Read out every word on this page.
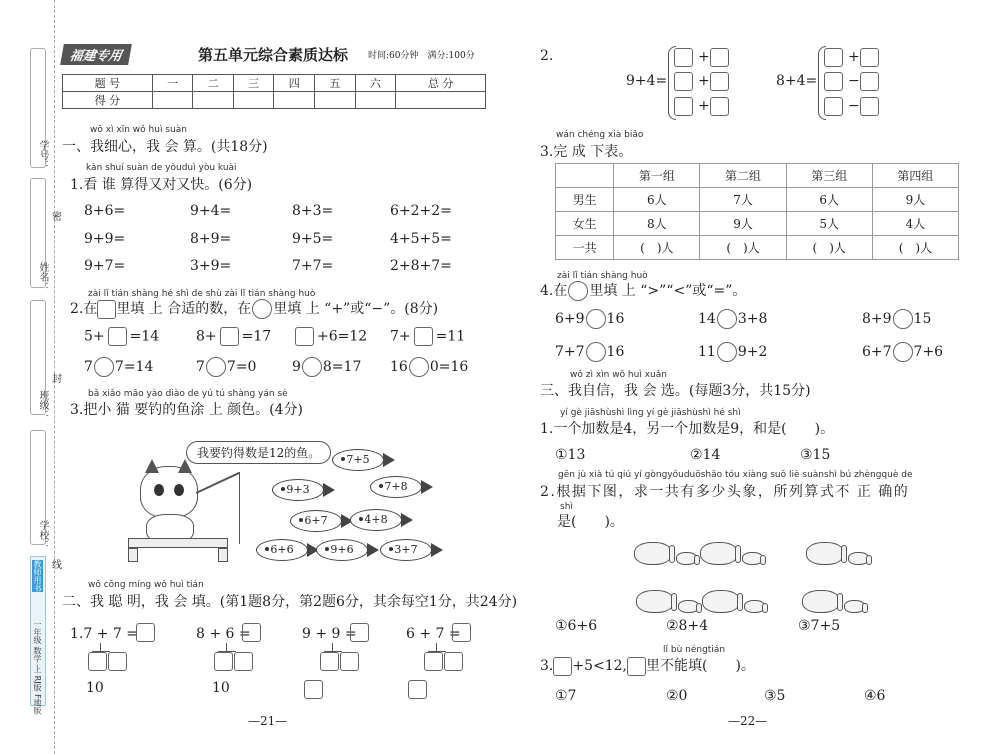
学号：
姓名：
班级：
学校：
密
封
线
一年级 数学 上 RJ版 F地版
教师用书
福建专用	第五单元综合素质达标 时间:60分钟　满分:100分
题 号	一	二	三	四	五	六	总 分
得 分							
wǒ xì xīn wǒ huì suàn
一、我细心，我 会 算。(共18分)
kàn shuí suàn de yòuduì yòu kuài
1.看 谁 算得又对又快。(6分)
8+6=	9+4=	8+3=	6+2+2=
9+9=	8+9=	9+5=	4+5+5=
9+7=	3+9=	7+7=	2+8+7=
zài lǐ tián shàng hé shì de shù zài lǐ tián shàng huò
2.在 里填 上 合适的数，在 里填 上 “+”或“−”。(8分)
5+ =14	8+ =17	+6=12 7+ =11
7 7=14	7 7=0	9 8=17 16 0=16
bǎ xiǎo māo yào diào de yú tú shàng yán sè
3.把小 猫 要钓的鱼涂 上 颜色。(4分)
我要钓得数是12的鱼。	7+5
9+3	7+8
6+7	4+8
6+6	9+6	3+7
wǒ cōng míng wǒ huì tián
二、我 聪 明，我 会 填。(第1题8分，第2题6分，其余每空1分，共24分)
1.7 + 7 =
10
8 + 6 =
10
9 + 9 =	6 + 7 =
—21—
2.
9+4=	8+4=
+
+
+
+
−
−
wán chéng xià biǎo
3.完 成 下表。
	第一组	第二组	第三组	第四组
男生	6人	7人	6人	9人
女生	8人	9人	5人	4人
一共	(　)人	(　)人	(　)人	(　)人
zài lǐ tián shàng huò
4.在 里填 上 “>”“<”或“=”。
6+9 16	14 3+8	8+9 15
7+7 16	11 9+2	6+7 7+6
wǒ zì xìn wǒ huì xuǎn
三、我自信，我 会 选。(每题3分，共15分)
yí gè jiāshùshì lìng yí gè jiāshùshì hé shì
1.一个加数是4，另一个加数是9，和是(　　)。
①13	②14	③15
gēn jù xià tú qiú yí gòngyǒuduōshǎo tóu xiàng suǒ liè suànshì bú zhèngquè de
2.根据下图，求一共有多少头象，所列算式不 正 确的
shì
是(　　)。
①6+6	②8+4	③7+5
lǐ bù néngtián
3. +5<12, 里不能填(　　)。
①7	②0	③5	④6
—22—
